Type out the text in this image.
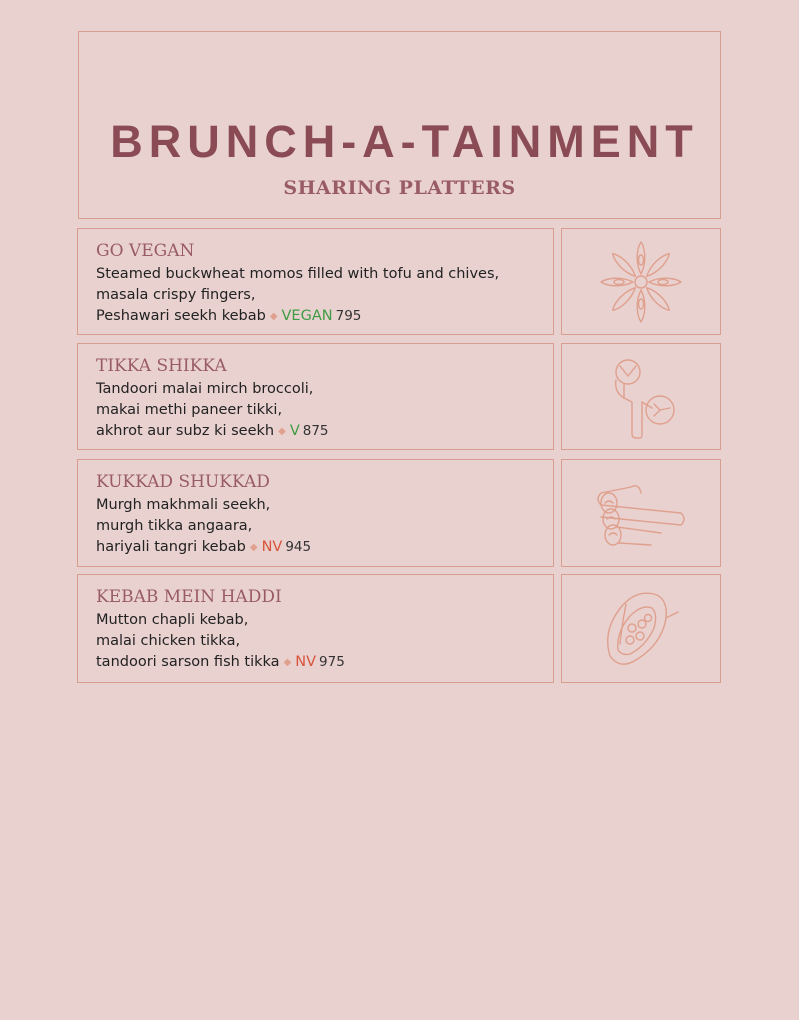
BRUNCH-A-TAINMENT
SHARING PLATTERS
GO VEGAN
Steamed buckwheat momos filled with tofu and chives,
masala crispy fingers,
Peshawari seekh kebab ◆ VEGAN 795
TIKKA SHIKKA
Tandoori malai mirch broccoli,
makai methi paneer tikki,
akhrot aur subz ki seekh ◆ V 875
KUKKAD SHUKKAD
Murgh makhmali seekh,
murgh tikka angaara,
hariyali tangri kebab ◆ NV 945
KEBAB MEIN HADDI
Mutton chapli kebab,
malai chicken tikka,
tandoori sarson fish tikka ◆ NV 975
